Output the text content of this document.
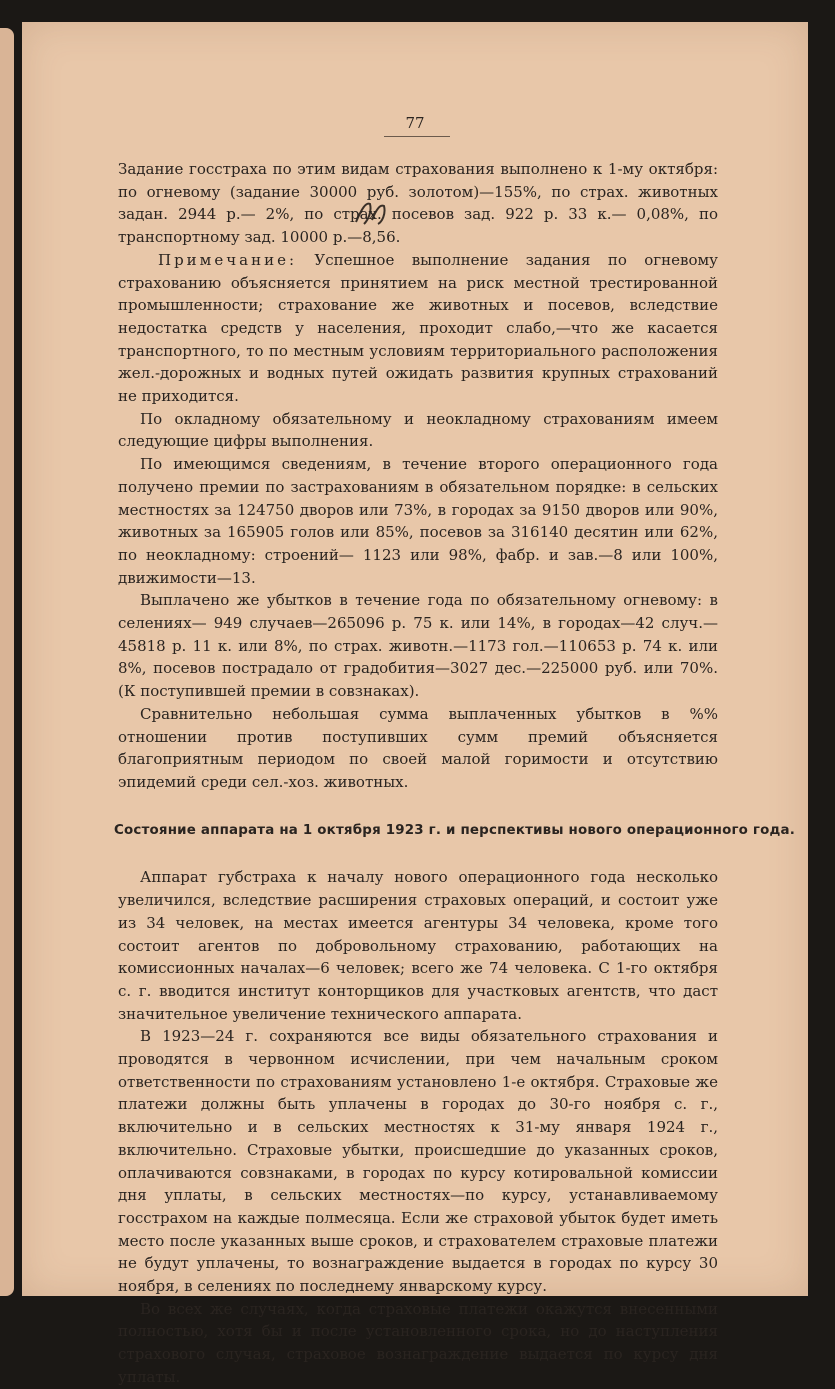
77

Задание госстраха по этим видам страхования выполнено к 1-му октября: по огневому (задание 30000 руб. золотом)—155%, по страх. животных задан. 2944 р.— 2%, по страх. посевов зад. 922 р. 33 к.— 0,08%, по транспортному зад. 10000 р.—8,56.

Примечание: Успешное выполнение задания по огневому страхованию объясняется принятием на риск местной трестированной промышленности; страхование же животных и посевов, вследствие недостатка средств у населения, проходит слабо,—что же касается транспортного, то по местным условиям территориального расположения жел.-дорожных и водных путей ожидать развития крупных страхований не приходится.

По окладному обязательному и неокладному страхованиям имеем следующие цифры выполнения.

По имеющимся сведениям, в течение второго операционного года получено премии по застрахованиям в обязательном порядке: в сельских местностях за 124750 дворов или 73%, в городах за 9150 дворов или 90%, животных за 165905 голов или 85%, посевов за 316140 десятин или 62%, по неокладному: строений— 1123 или 98%, фабр. и зав.—8 или 100%, движимости—13.

Выплачено же убытков в течение года по обязательному огневому: в селениях— 949 случаев—265096 р. 75 к. или 14%, в городах—42 случ.—45818 р. 11 к. или 8%, по страх. животн.—1173 гол.—110653 р. 74 к. или 8%, посевов пострадало от градобития—3027 дес.—225000 руб. или 70%. (К поступившей премии в совзнаках).

Сравнительно небольшая сумма выплаченных убытков в %% отношении против поступивших сумм премий объясняется благоприятным периодом по своей малой горимости и отсутствию эпидемий среди сел.-хоз. животных.

Состояние аппарата на 1 октября 1923 г. и перспективы нового операционного года.

Аппарат губстраха к началу нового операционного года несколько увеличился, вследствие расширения страховых операций, и состоит уже из 34 человек, на местах имеется агентуры 34 человека, кроме того состоит агентов по добровольному страхованию, работающих на комиссионных началах—6 человек; всего же 74 человека. С 1-го октября с. г. вводится институт конторщиков для участковых агентств, что даст значительное увеличение технического аппарата.

В 1923—24 г. сохраняются все виды обязательного страхования и проводятся в червонном исчислении, при чем начальным сроком ответственности по страхованиям установлено 1-е октября. Страховые же платежи должны быть уплачены в городах до 30-го ноября с. г., включительно и в сельских местностях к 31-му января 1924 г., включительно. Страховые убытки, происшедшие до указанных сроков, оплачиваются совзнаками, в городах по курсу котировальной комиссии дня уплаты, в сельских местностях—по курсу, устанавливаемому госстрахом на каждые полмесяца. Если же страховой убыток будет иметь место после указанных выше сроков, и страхователем страховые платежи не будут уплачены, то вознаграждение выдается в городах по курсу 30 ноября, в селениях по последнему январскому курсу.

Во всех же случаях, когда страховые платежи окажутся внесенными полностью, хотя бы и после установленного срока, но до наступления страхового случая, страховое вознаграждение выдается по курсу дня уплаты.
